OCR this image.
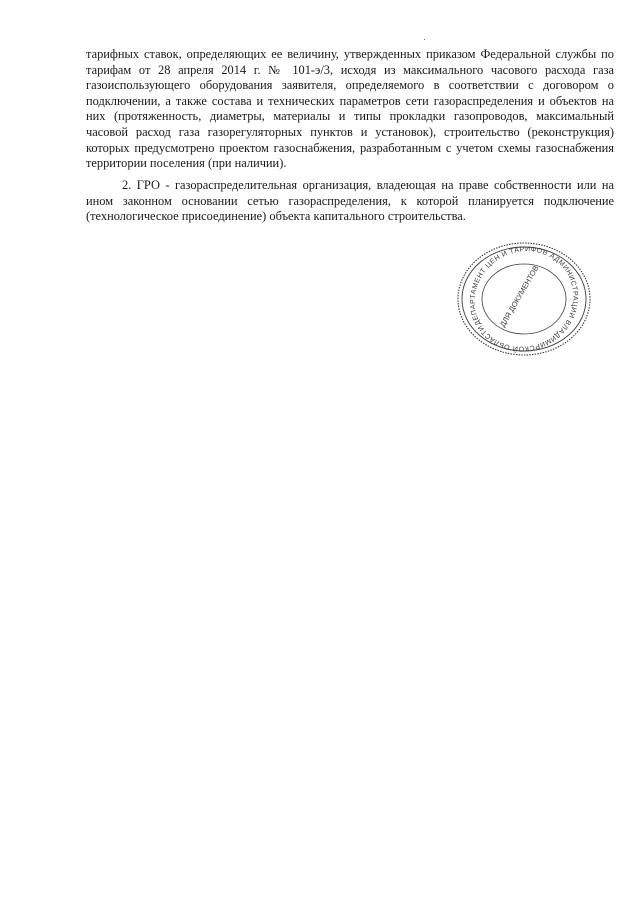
тарифных ставок, определяющих ее величину, утвержденных приказом Федеральной службы по тарифам от 28 апреля 2014 г. № 101-э/3, исходя из максимального часового расхода газа газоиспользующего оборудования заявителя, определяемого в соответствии с договором о подключении, а также состава и технических параметров сети газораспределения и объектов на них (протяженность, диаметры, материалы и типы прокладки газопроводов, максимальный часовой расход газа газорегуляторных пунктов и установок), строительство (реконструкция) которых предусмотрено проектом газоснабжения, разработанным с учетом схемы газоснабжения территории поселения (при наличии).
2. ГРО - газораспределительная организация, владеющая на праве собственности или на ином законном основании сетью газораспределения, к которой планируется подключение (технологическое присоединение) объекта капитального строительства.
ДЕПАРТАМЕНТ ЦЕН И ТАРИФОВ АДМИНИСТРАЦИИ ВЛАДИМИРСКОЙ ОБЛАСТИ	ДЛЯ ДОКУМЕНТОВ
